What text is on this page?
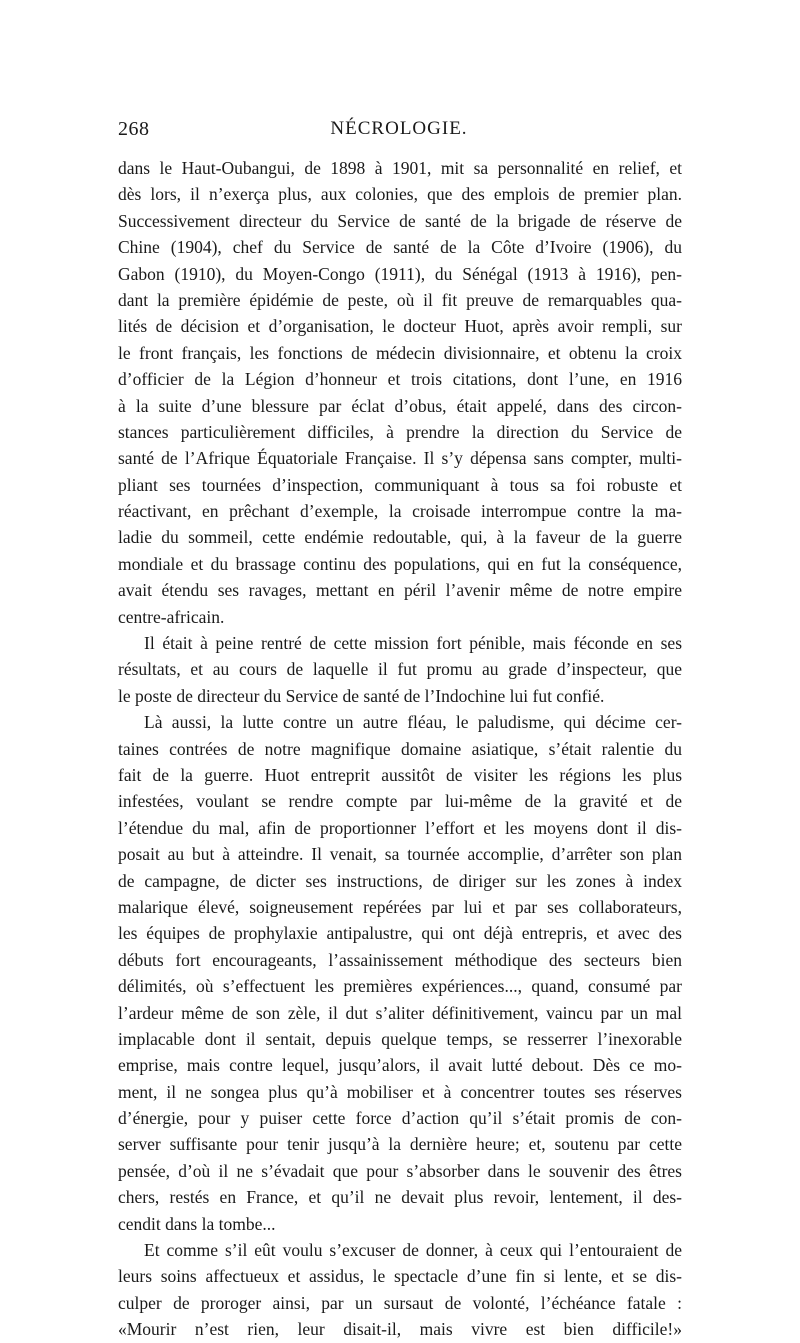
268	NÉCROLOGIE.
dans le Haut-Oubangui, de 1898 à 1901, mit sa personnalité en relief, et
dès lors, il n’exerça plus, aux colonies, que des emplois de premier plan.
Successivement directeur du Service de santé de la brigade de réserve de
Chine (1904), chef du Service de santé de la Côte d’Ivoire (1906), du
Gabon (1910), du Moyen-Congo (1911), du Sénégal (1913 à 1916), pen-
dant la première épidémie de peste, où il fit preuve de remarquables qua-
lités de décision et d’organisation, le docteur Huot, après avoir rempli, sur
le front français, les fonctions de médecin divisionnaire, et obtenu la croix
d’officier de la Légion d’honneur et trois citations, dont l’une, en 1916
à la suite d’une blessure par éclat d’obus, était appelé, dans des circon-
stances particulièrement difficiles, à prendre la direction du Service de
santé de l’Afrique Équatoriale Française. Il s’y dépensa sans compter, multi-
pliant ses tournées d’inspection, communiquant à tous sa foi robuste et
réactivant, en prêchant d’exemple, la croisade interrompue contre la ma-
ladie du sommeil, cette endémie redoutable, qui, à la faveur de la guerre
mondiale et du brassage continu des populations, qui en fut la conséquence,
avait étendu ses ravages, mettant en péril l’avenir même de notre empire
centre-africain.
Il était à peine rentré de cette mission fort pénible, mais féconde en ses
résultats, et au cours de laquelle il fut promu au grade d’inspecteur, que
le poste de directeur du Service de santé de l’Indochine lui fut confié.
Là aussi, la lutte contre un autre fléau, le paludisme, qui décime cer-
taines contrées de notre magnifique domaine asiatique, s’était ralentie du
fait de la guerre. Huot entreprit aussitôt de visiter les régions les plus
infestées, voulant se rendre compte par lui-même de la gravité et de
l’étendue du mal, afin de proportionner l’effort et les moyens dont il dis-
posait au but à atteindre. Il venait, sa tournée accomplie, d’arrêter son plan
de campagne, de dicter ses instructions, de diriger sur les zones à index
malarique élevé, soigneusement repérées par lui et par ses collaborateurs,
les équipes de prophylaxie antipalustre, qui ont déjà entrepris, et avec des
débuts fort encourageants, l’assainissement méthodique des secteurs bien
délimités, où s’effectuent les premières expériences..., quand, consumé par
l’ardeur même de son zèle, il dut s’aliter définitivement, vaincu par un mal
implacable dont il sentait, depuis quelque temps, se resserrer l’inexorable
emprise, mais contre lequel, jusqu’alors, il avait lutté debout. Dès ce mo-
ment, il ne songea plus qu’à mobiliser et à concentrer toutes ses réserves
d’énergie, pour y puiser cette force d’action qu’il s’était promis de con-
server suffisante pour tenir jusqu’à la dernière heure; et, soutenu par cette
pensée, d’où il ne s’évadait que pour s’absorber dans le souvenir des êtres
chers, restés en France, et qu’il ne devait plus revoir, lentement, il des-
cendit dans la tombe...
Et comme s’il eût voulu s’excuser de donner, à ceux qui l’entouraient de
leurs soins affectueux et assidus, le spectacle d’une fin si lente, et se dis-
culper de proroger ainsi, par un sursaut de volonté, l’échéance fatale :
«Mourir n’est rien, leur disait-il, mais vivre est bien difficile!»
